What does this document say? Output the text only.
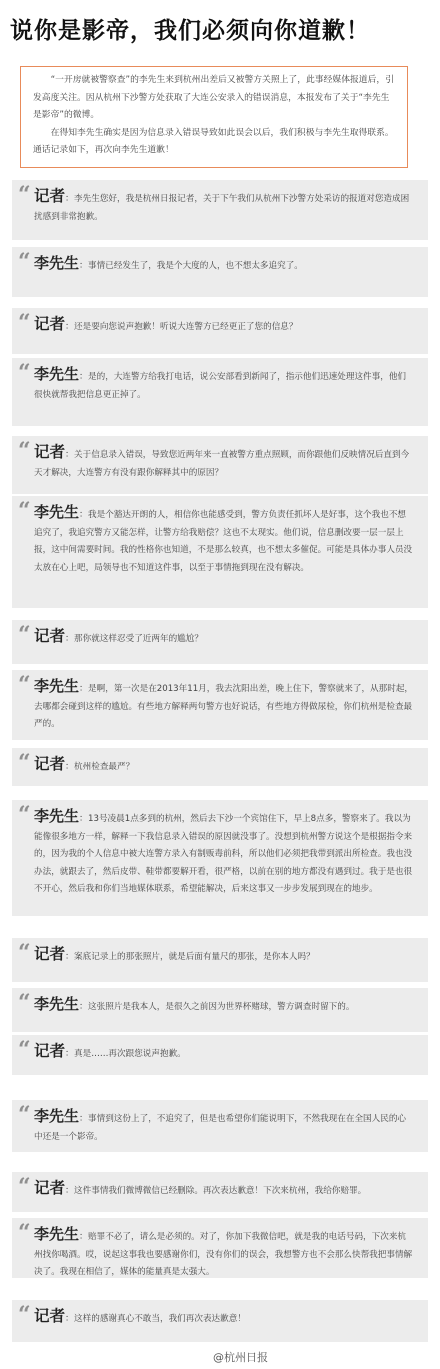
说你是影帝，我们必须向你道歉！

“一开房就被警察查”的李先生来到杭州出差后又被警方关照上了，此事经媒体报道后，引发高度关注。因从杭州下沙警方处获取了大连公安录入的错误消息，本报发布了关于“李先生是影帝”的微博。

在得知李先生确实是因为信息录入错误导致如此误会以后，我们积极与李先生取得联系。通话记录如下，再次向李先生道歉！

“ 记者：李先生您好，我是杭州日报记者，关于下午我们从杭州下沙警方处采访的报道对您造成困扰感到非常抱歉。
“ 李先生：事情已经发生了，我是个大度的人，也不想太多追究了。
“ 记者：还是要向您说声抱歉！听说大连警方已经更正了您的信息？
“ 李先生：是的，大连警方给我打电话，说公安部看到新闻了，指示他们迅速处理这件事，他们很快就帮我把信息更正掉了。
“ 记者：关于信息录入错误，导致您近两年来一直被警方重点照顾，而你跟他们反映情况后直到今天才解决，大连警方有没有跟你解释其中的原因？
“ 李先生：我是个豁达开朗的人，相信你也能感受到，警方负责任抓坏人是好事，这个我也不想追究了，我追究警方又能怎样，让警方给我赔偿？这也不太现实。他们说，信息删改要一层一层上报，这中间需要时间。我的性格你也知道，不是那么较真，也不想太多催促。可能是具体办事人员没太放在心上吧，局领导也不知道这件事，以至于事情拖到现在没有解决。
“ 记者：那你就这样忍受了近两年的尴尬？
“ 李先生：是啊，第一次是在2013年11月，我去沈阳出差，晚上住下，警察就来了，从那时起，去哪都会碰到这样的尴尬。有些地方解释两句警方也好说话，有些地方得做尿检，你们杭州是检查最严的。
“ 记者：杭州检查最严？
“ 李先生：13号凌晨1点多到的杭州，然后去下沙一个宾馆住下，早上8点多，警察来了。我以为能像很多地方一样，解释一下我信息录入错误的原因就没事了。没想到杭州警方说这个是根据指令来的，因为我的个人信息中被大连警方录入有制贩毒前科，所以他们必须把我带到派出所检查。我也没办法，就跟去了，然后皮带、鞋带都要解开看，很严格，以前在别的地方都没有遇到过。我于是也很不开心，然后我和你们当地媒体联系，希望能解决，后来这事又一步步发展到现在的地步。
“ 记者：案底记录上的那张照片，就是后面有量尺的那张，是你本人吗？
“ 李先生：这张照片是我本人，是很久之前因为世界杯赌球，警方调查时留下的。
“ 记者：真是……再次跟您说声抱歉。
“ 李先生：事情到这份上了，不追究了，但是也希望你们能说明下，不然我现在在全国人民的心中还是一个影帝。
“ 记者：这件事情我们微博微信已经删除。再次表达歉意！下次来杭州，我给你赔罪。
“ 李先生：赔罪不必了，请么是必须的。对了，你加下我微信吧，就是我的电话号码，下次来杭州找你喝酒。哎，说起这事我也要感谢你们，没有你们的误会，我想警方也不会那么快帮我把事情解决了。我现在相信了，媒体的能量真是太强大。
“ 记者：这样的感谢真心不敢当，我们再次表达歉意！
@杭州日报
